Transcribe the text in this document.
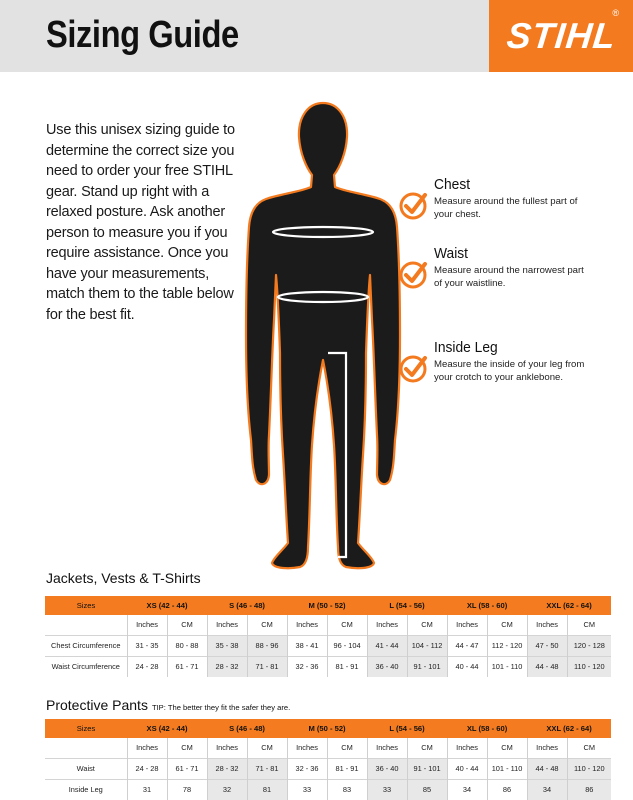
Sizing Guide	STIHL
®
Use this unisex sizing guide to determine the correct size you need to order your free STIHL gear. Stand up right with a relaxed posture. Ask another person to measure you if you require assistance. Once you have your measurements, match them to the table below for the best fit.
Chest
Measure around the fullest part of your chest.
Waist
Measure around the narrowest part of your waistline.
Inside Leg
Measure the inside of your leg from your crotch to your anklebone.
Jackets, Vests & T-Shirts
Sizes	XS (42 - 44)		S (46 - 48)		M (50 - 52)		L (54 - 56)		XL (58 - 60)		XXL (62 - 64)	
	Inches	CM	Inches	CM	Inches	CM	Inches	CM	Inches	CM	Inches	CM
Chest Circumference	31 - 35	80 - 88	35 - 38	88 - 96	38 - 41	96 - 104	41 - 44	104 - 112	44 - 47	112 - 120	47 - 50	120 - 128
Waist Circumference	24 - 28	61 - 71	28 - 32	71 - 81	32 - 36	81 - 91	36 - 40	91 - 101	40 - 44	101 - 110	44 - 48	110 - 120
Protective Pants TIP: The better they fit the safer they are.
Sizes	XS (42 - 44)		S (46 - 48)		M (50 - 52)		L (54 - 56)		XL (58 - 60)		XXL (62 - 64)	
	Inches	CM	Inches	CM	Inches	CM	Inches	CM	Inches	CM	Inches	CM
Waist	24 - 28	61 - 71	28 - 32	71 - 81	32 - 36	81 - 91	36 - 40	91 - 101	40 - 44	101 - 110	44 - 48	110 - 120
Inside Leg	31	78	32	81	33	83	33	85	34	86	34	86
